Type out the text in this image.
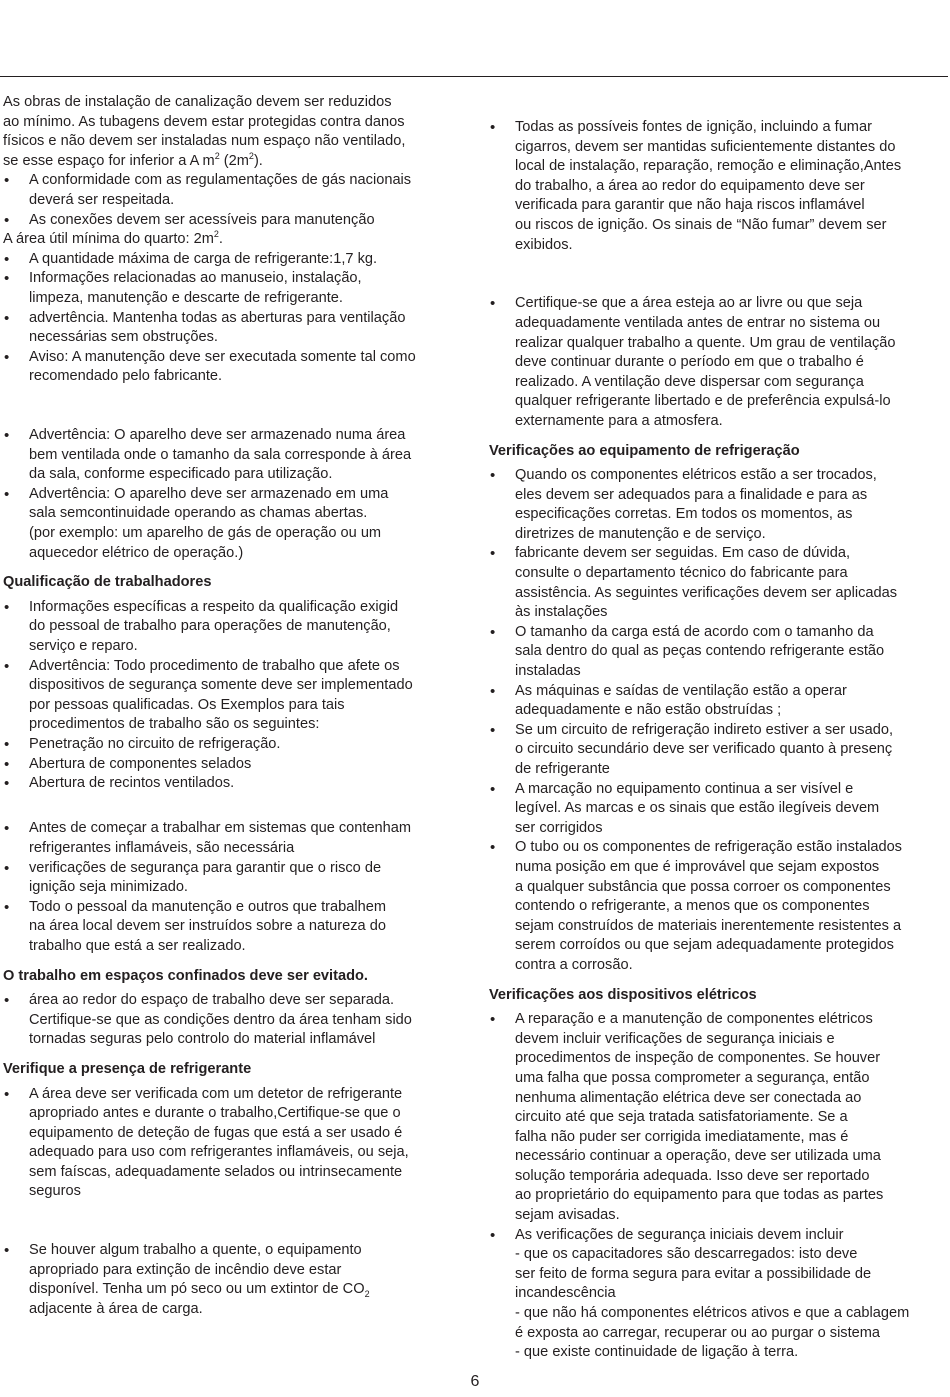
As obras de instalação de canalização devem ser reduzidos
ao mínimo. As tubagens devem estar protegidas contra danos
físicos e não devem ser instaladas num espaço não ventilado,
se esse espaço for inferior a A $m^2$ $(2m^2)$.
• A conformidade com as regulamentações de gás nacionais
deverá ser respeitada.
• As conexões devem ser acessíveis para manutenção
A área útil mínima do quarto: $2m^2$.
• A quantidade máxima de carga de refrigerante:1,7 kg.
• Informações relacionadas ao manuseio, instalação,
limpeza, manutenção e descarte de refrigerante.
• advertência. Mantenha todas as aberturas para ventilação
necessárias sem obstruções.
• Aviso: A manutenção deve ser executada somente tal como
recomendado pelo fabricante.
• Advertência: O aparelho deve ser armazenado numa área
bem ventilada onde o tamanho da sala corresponde à área
da sala, conforme especificado para utilização.
• Advertência: O aparelho deve ser armazenado em uma
sala semcontinuidade operando as chamas abertas.
(por exemplo: um aparelho de gás de operação ou um
aquecedor elétrico de operação.)
Qualificação de trabalhadores
• Informações específicas a respeito da qualificação exigid
do pessoal de trabalho para operações de manutenção,
serviço e reparo.
• Advertência: Todo procedimento de trabalho que afete os
dispositivos de segurança somente deve ser implementado
por pessoas qualificadas. Os Exemplos para tais
procedimentos de trabalho são os seguintes:
• Penetração no circuito de refrigeração.
• Abertura de componentes selados
• Abertura de recintos ventilados.
• Antes de começar a trabalhar em sistemas que contenham
refrigerantes inflamáveis, são necessária
• verificações de segurança para garantir que o risco de
ignição seja minimizado.
• Todo o pessoal da manutenção e outros que trabalhem
na área local devem ser instruídos sobre a natureza do
trabalho que está a ser realizado.
O trabalho em espaços confinados deve ser evitado.
• área ao redor do espaço de trabalho deve ser separada.
Certifique-se que as condições dentro da área tenham sido
tornadas seguras pelo controlo do material inflamável
Verifique a presença de refrigerante
• A área deve ser verificada com um detetor de refrigerante
apropriado antes e durante o trabalho,Certifique-se que o
equipamento de deteção de fugas que está a ser usado é
adequado para uso com refrigerantes inflamáveis, ou seja,
sem faíscas, adequadamente selados ou intrinsecamente
seguros
• Se houver algum trabalho a quente, o equipamento
apropriado para extinção de incêndio deve estar
disponível. Tenha um pó seco ou um extintor de $CO_2$
adjacente à área de carga.
• Todas as possíveis fontes de ignição, incluindo a fumar
cigarros, devem ser mantidas suficientemente distantes do
local de instalação, reparação, remoção e eliminação,Antes
do trabalho, a área ao redor do equipamento deve ser
verificada para garantir que não haja riscos inflamável
ou riscos de ignição. Os sinais de “Não fumar” devem ser
exibidos.
• Certifique-se que a área esteja ao ar livre ou que seja
adequadamente ventilada antes de entrar no sistema ou
realizar qualquer trabalho a quente. Um grau de ventilação
deve continuar durante o período em que o trabalho é
realizado. A ventilação deve dispersar com segurança
qualquer refrigerante libertado e de preferência expulsá-lo
externamente para a atmosfera.
Verificações ao equipamento de refrigeração
• Quando os componentes elétricos estão a ser trocados,
eles devem ser adequados para a finalidade e para as
especificações corretas. Em todos os momentos, as
diretrizes de manutenção e de serviço.
• fabricante devem ser seguidas. Em caso de dúvida,
consulte o departamento técnico do fabricante para
assistência. As seguintes verificações devem ser aplicadas
às instalações
• O tamanho da carga está de acordo com o tamanho da
sala dentro do qual as peças contendo refrigerante estão
instaladas
• As máquinas e saídas de ventilação estão a operar
adequadamente e não estão obstruídas ;
• Se um circuito de refrigeração indireto estiver a ser usado,
o circuito secundário deve ser verificado quanto à presenç
de refrigerante
• A marcação no equipamento continua a ser visível e
legível. As marcas e os sinais que estão ilegíveis devem
ser corrigidos
• O tubo ou os componentes de refrigeração estão instalados
numa posição em que é improvável que sejam expostos
a qualquer substância que possa corroer os componentes
contendo o refrigerante, a menos que os componentes
sejam construídos de materiais inerentemente resistentes a
serem corroídos ou que sejam adequadamente protegidos
contra a corrosão.
Verificações aos dispositivos elétricos
• A reparação e a manutenção de componentes elétricos
devem incluir verificações de segurança iniciais e
procedimentos de inspeção de componentes. Se houver
uma falha que possa comprometer a segurança, então
nenhuma alimentação elétrica deve ser conectada ao
circuito até que seja tratada satisfatoriamente. Se a
falha não puder ser corrigida imediatamente, mas é
necessário continuar a operação, deve ser utilizada uma
solução temporária adequada. Isso deve ser reportado
ao proprietário do equipamento para que todas as partes
sejam avisadas.
• As verificações de segurança iniciais devem incluir
- que os capacitadores são descarregados: isto deve
ser feito de forma segura para evitar a possibilidade de
incandescência
- que não há componentes elétricos ativos e que a cablagem
é exposta ao carregar, recuperar ou ao purgar o sistema
- que existe continuidade de ligação à terra.
6
